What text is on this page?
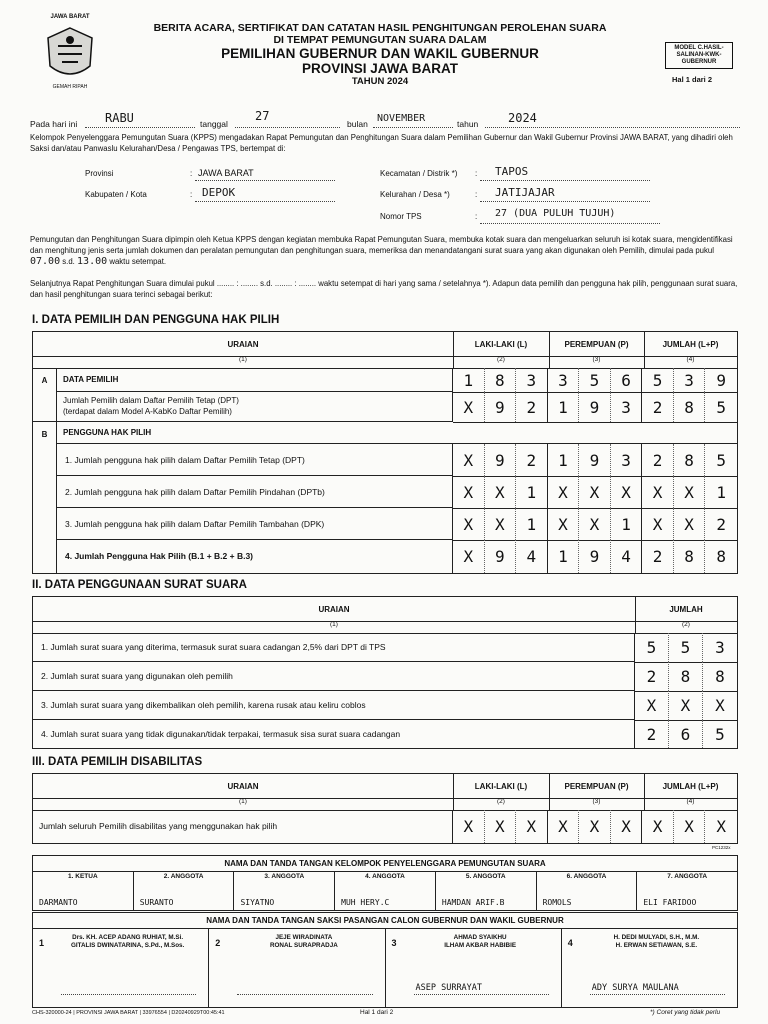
JAWA BARAT
GEMAH RIPAH
BERITA ACARA, SERTIFIKAT DAN CATATAN HASIL PENGHITUNGAN PEROLEHAN SUARA
DI TEMPAT PEMUNGUTAN SUARA DALAM
PEMILIHAN GUBERNUR DAN WAKIL GUBERNUR
PROVINSI JAWA BARAT
TAHUN 2024
MODEL C.HASIL-
SALINAN-KWK-
GUBERNUR
Hal 1 dari 2
Pada hari ini RABU	tanggal
27
bulan NOVEMBER	tahun 2024
Kelompok Penyelenggara Pemungutan Suara (KPPS) mengadakan Rapat Pemungutan dan Penghitungan Suara dalam Pemilihan Gubernur dan Wakil Gubernur Provinsi JAWA BARAT, yang dihadiri oleh Saksi dan/atau Panwaslu Kelurahan/Desa / Pengawas TPS, bertempat di:
Provinsi	: JAWA BARAT
Kabupaten / Kota	: DEPOK
Kecamatan / Distrik *) : TAPOS
Kelurahan / Desa *)	: JATIJAJAR
Nomor TPS	: 27 (DUA PULUH TUJUH)
Pemungutan dan Penghitungan Suara dipimpin oleh Ketua KPPS dengan kegiatan membuka Rapat Pemungutan Suara, membuka kotak suara dan mengeluarkan seluruh isi kotak suara, mengidentifikasi dan menghitung jenis serta jumlah dokumen dan peralatan pemungutan dan penghitungan suara, memeriksa dan menandatangani surat suara yang akan digunakan oleh Pemilih, dimulai pada pukul 07.00 s.d. 13.00 waktu setempat.
Selanjutnya Rapat Penghitungan Suara dimulai pukul ........ : ........ s.d. ........ : ........ waktu setempat di hari yang sama / setelahnya *). Adapun data pemilih dan pengguna hak pilih, penggunaan surat suara, dan hasil penghitungan suara terinci sebagai berikut:
I. DATA PEMILIH DAN PENGGUNA HAK PILIH
URAIAN	LAKI-LAKI (L)	PEREMPUAN (P)	JUMLAH (L+P)
(1)	(2)	(3)	(4)
A	DATA PEMILIH	1	8	3	3	5	6	5	3	9
Jumlah Pemilih dalam Daftar Pemilih Tetap (DPT)
(terdapat dalam Model A-KabKo Daftar Pemilih)	X	9	2	1	9	3	2	8	5
B	PENGGUNA HAK PILIH
1. Jumlah pengguna hak pilih dalam Daftar Pemilih Tetap (DPT)	X	9	2	1	9	3	2	8	5
2. Jumlah pengguna hak pilih dalam Daftar Pemilih Pindahan (DPTb)	X	X	1	X	X	X	X	X	1
3. Jumlah pengguna hak pilih dalam Daftar Pemilih Tambahan (DPK)	X	X	1	X	X	1	X	X	2
4. Jumlah Pengguna Hak Pilih (B.1 + B.2 + B.3)	X	9	4	1	9	4	2	8	8
II. DATA PENGGUNAAN SURAT SUARA
URAIAN	JUMLAH
(1)	(2)
1. Jumlah surat suara yang diterima, termasuk surat suara cadangan 2,5% dari DPT di TPS	5	5	3
2. Jumlah surat suara yang digunakan oleh pemilih	2	8	8
3. Jumlah surat suara yang dikembalikan oleh pemilih, karena rusak atau keliru coblos	X	X	X
4. Jumlah surat suara yang tidak digunakan/tidak terpakai, termasuk sisa surat suara cadangan	2	6	5
III. DATA PEMILIH DISABILITAS
URAIAN	LAKI-LAKI (L)	PEREMPUAN (P)	JUMLAH (L+P)
(1)	(2)	(3)	(4)
Jumlah seluruh Pemilih disabilitas yang menggunakan hak pilih	X	X	X	X	X	X	X	X	X
PC1232x
NAMA DAN TANDA TANGAN KELOMPOK PENYELENGGARA PEMUNGUTAN SUARA
1. KETUA
DARMANTO
2. ANGGOTA
SURANTO
3. ANGGOTA
SIYATNO
4. ANGGOTA
MUH HERY.C
5. ANGGOTA
HAMDAN ARIF.B
6. ANGGOTA
ROMOLS
7. ANGGOTA
ELI FARIDOO
NAMA DAN TANDA TANGAN SAKSI PASANGAN CALON GUBERNUR DAN WAKIL GUBERNUR
1
Drs. KH. ACEP ADANG RUHIAT, M.Si.
GITALIS DWINATARINA, S.Pd., M.Sos.	2
JEJE WIRADINATA
RONAL SURAPRADJA	3
AHMAD SYAIKHU
ILHAM AKBAR HABIBIE
ASEP SURRAYAT
4
H. DEDI MULYADI, S.H., M.M.
H. ERWAN SETIAWAN, S.E.
ADY SURYA MAULANA
CHS-320000-24 | PROVINSI JAWA BARAT | 33976554 | D20240929T00:45:41	Hal 1 dari 2	*) Coret yang tidak perlu
